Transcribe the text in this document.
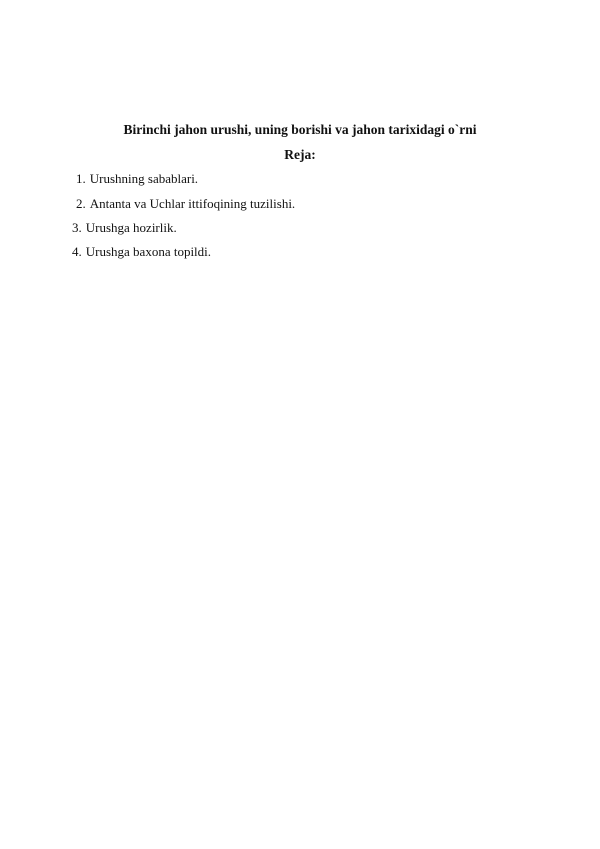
Birinchi jahon urushi, uning borishi va jahon tarixidagi o`rni
Reja:
1. Urushning sabablari.
2. Antanta va Uchlar ittifoqining tuzilishi.
3. Urushga hozirlik.
4. Urushga baxona topildi.
